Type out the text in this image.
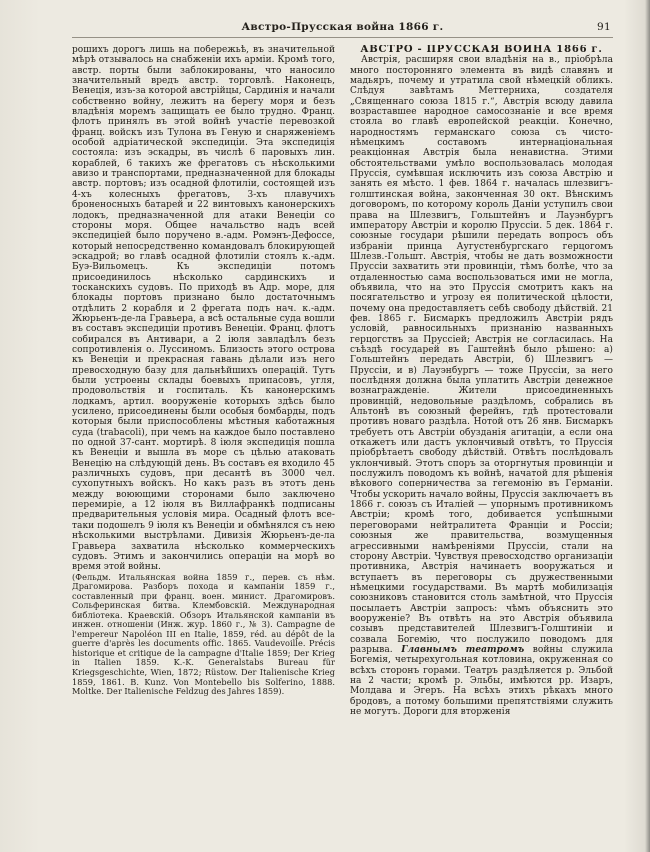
Австро-Прусская война 1866 г.	91

рошихъ дорогъ лишь на побережьѣ, въ значительной мѣрѣ отзывалось на снабженіи ихъ арміи. Кромѣ того, австр. порты были заблокированы, что наносило значительный вредъ австр. торговлѣ. Наконецъ, Венеція, изъ-за которой австрійцы, Сардинія и начали собственно войну, лежитъ на берегу моря и безъ владѣнія моремъ защищать ее было трудно. Франц. флотъ принялъ въ этой войнѣ участіе перевозкой франц. войскъ изъ Тулона въ Геную и снаряженіемъ особой адріатической экспедиціи. Эта экспедиція состояла: изъ эскадры, въ числѣ 6 паровыхъ лин. кораблей, 6 такихъ же фрегатовъ съ нѣсколькими авизо и транспортами, предназначенной для блокады австр. портовъ; изъ осадной флотиліи, состоящей изъ 4-хъ колесныхъ фрегатовъ, 3-хъ плавучихъ броненосныхъ батарей и 22 винтовыхъ канонерскихъ лодокъ, предназначенной для атаки Венеціи со стороны моря. Общее начальство надъ всей экспедиціей было поручено в.-адм. Ромэнъ-Дефоссе, который непосредственно командовалъ блокирующей эскадрой; во главѣ осадной флотиліи стоялъ к.-адм. Буэ-Вильомецъ. Къ экспедиціи потомъ присоединилось нѣсколько сардинскихъ и тосканскихъ судовъ. По приходѣ въ Адр. море, для блокады портовъ признано было достаточнымъ отдѣлить 2 корабля и 2 фрегата подъ нач. к.-адм. Жюрьенъ-де-ла Гравьера, а всѣ остальные суда вошли въ составъ экспедиціи противъ Венеціи. Франц. флотъ собирался въ Антивари, а 2 іюля завладѣлъ безъ сопротивленія о. Луссиномъ. Близость этого острова къ Венеціи и прекрасная гавань дѣлали изъ него превосходную базу для дальнѣйшихъ операцій. Тутъ были устроены склады боевыхъ припасовъ, угля, продовольствія и госпиталь. Къ канонерскимъ лодкамъ, артил. вооруженіе которыхъ здѣсь было усилено, присоединены были особыя бомбарды, подъ которыя были приспособлены мѣстныя каботажныя суда (trabacoli), при чемъ на каждое было поставлено по одной 37-сант. мортирѣ. 8 іюля экспедиція пошла къ Венеціи и вышла въ море съ цѣлью атаковать Венецію на слѣдующій день. Въ составъ ея входило 45 различныхъ судовъ, при десантѣ въ 3000 чел. сухопутныхъ войскъ. Но какъ разъ въ этотъ день между воюющими сторонами было заключено перемиріе, а 12 іюля въ Виллафранкѣ подписаны предварительныя условія мира. Осадный флотъ все-таки подошелъ 9 іюля къ Венеціи и обмѣнялся съ нею нѣсколькими выстрѣлами. Дивизія Жюрьенъ-де-ла Гравьера захватила нѣсколько коммерческихъ судовъ. Этимъ и закончились операціи на морѣ во время этой войны.

(Фельдм. Итальянская война 1859 г., перев. съ нѣм. Драгомирова. Разборъ похода и кампаніи 1859 г., составленный при франц. воен. минист. Драгомировъ. Сольферинская битва. Клембовскій. Международная библіотека. Краевскій. Обзоръ Итальянской кампаніи въ инжен. отношеніи (Инж. жур. 1860 г., № 3). Campagne de l'empereur Napoléon III en Italie, 1859, réd. au dépôt de la guerre d'après les documents offic. 1865. Vaudevoille. Précis historique et critique de la campagne d'Italie 1859; Der Krieg in Italien 1859. K.-K. Generalstabs Bureau für Kriegsgeschichte, Wien, 1872; Rüstow. Der Italienische Krieg 1859, 1861. B. Kunz. Von Montebello bis Solferino, 1888. Moltke. Der Italienische Feldzug des Jahres 1859).

АВСТРО - ПРУССКАЯ ВОЙНА 1866 г.

Австрія, расширяя свои владѣнія на в., пріобрѣла много посторонняго элемента въ видѣ славянъ и мадьяръ, почему и утратила свой нѣмецкій обликъ. Слѣдуя завѣтамъ Меттерниха, создателя „Священнаго союза 1815 г.“, Австрія всюду давила возраставшее народное самосознаніе и все время стояла во главѣ европейской реакціи. Конечно, народностямъ германскаго союза съ чисто-нѣмецкимъ составомъ интернаціональная реакціонная Австрія была ненавистна. Этими обстоятельствами умѣло воспользовалась молодая Пруссія, сумѣвшая исключить изъ союза Австрію и занять ея мѣсто. 1 фев. 1864 г. началась шлезвигъ-голштинская война, законченная 30 окт. Вѣнскимъ договоромъ, по которому король Даніи уступилъ свои права на Шлезвигъ, Гольштейнъ и Лауэнбургъ императору Австріи и королю Пруссіи. 5 дек. 1864 г. союзные государи рѣшили передать вопросъ объ избраніи принца Аугустенбургскаго герцогомъ Шлезв.-Гольшт. Австрія, чтобы не дать возможности Пруссіи захватить эти провинціи, тѣмъ болѣе, что за отдаленностью сама воспользоваться ими не могла, объявила, что на это Пруссія смотритъ какъ на посягательство и угрозу ея политической цѣлости, почему она предоставляетъ себѣ свободу дѣйствій. 21 фев. 1865 г. Бисмаркъ предложилъ Австріи рядъ условій, равносильныхъ признанію названныхъ герцогствъ за Пруссіей; Австрія не согласилась. На съѣздѣ государей въ Гаштейнѣ было рѣшено: а) Гольштейнъ передать Австріи, б) Шлезвигъ — Пруссіи, и в) Лауэнбургъ — тоже Пруссіи, за него послѣдняя должна была уплатить Австріи денежное вознагражденіе. Жители присоединенныхъ провинцій, недовольные раздѣломъ, собрались въ Альтонѣ въ союзный ферейнъ, гдѣ протестовали противъ новаго раздѣла. Нотой отъ 26 янв. Бисмаркъ требуетъ отъ Австріи обузданія агитаціи, а если она откажетъ или дастъ уклончивый отвѣтъ, то Пруссія пріобрѣтаетъ свободу дѣйствій. Отвѣтъ послѣдовалъ уклончивый. Этотъ споръ за оторгнутыя провинціи и послужилъ поводомъ къ войнѣ, начатой для рѣшенія вѣкового соперничества за гегемонію въ Германіи. Чтобы ускорить начало войны, Пруссія заключаетъ въ 1866 г. союзъ съ Италіей — упорнымъ противникомъ Австріи; кромѣ того, добивается успѣшными переговорами нейтралитета Франціи и Россіи; союзныя же правительства, возмущенныя агрессивными намѣреніями Пруссіи, стали на сторону Австріи. Чувствуя превосходство организаціи противника, Австрія начинаетъ вооружаться и вступаетъ въ переговоры съ дружественными нѣмецкими государствами. Въ мартѣ мобилизація союзниковъ становится столь замѣтной, что Пруссія посылаетъ Австріи запросъ: чѣмъ объяснить это вооруженіе? Въ отвѣтъ на это Австрія объявила созывъ представителей Шлезвигъ-Голштиніи и созвала Богемію, что послужило поводомъ для разрыва. Главнымъ театромъ войны служила Богемія, четырехугольная котловина, окруженная со всѣхъ сторонъ горами. Театръ раздѣляется р. Эльбой на 2 части; кромѣ р. Эльбы, имѣются рр. Изаръ, Молдава и Эгеръ. На всѣхъ этихъ рѣкахъ много бродовъ, а потому большими препятствіями служить не могутъ. Дороги для вторженія
